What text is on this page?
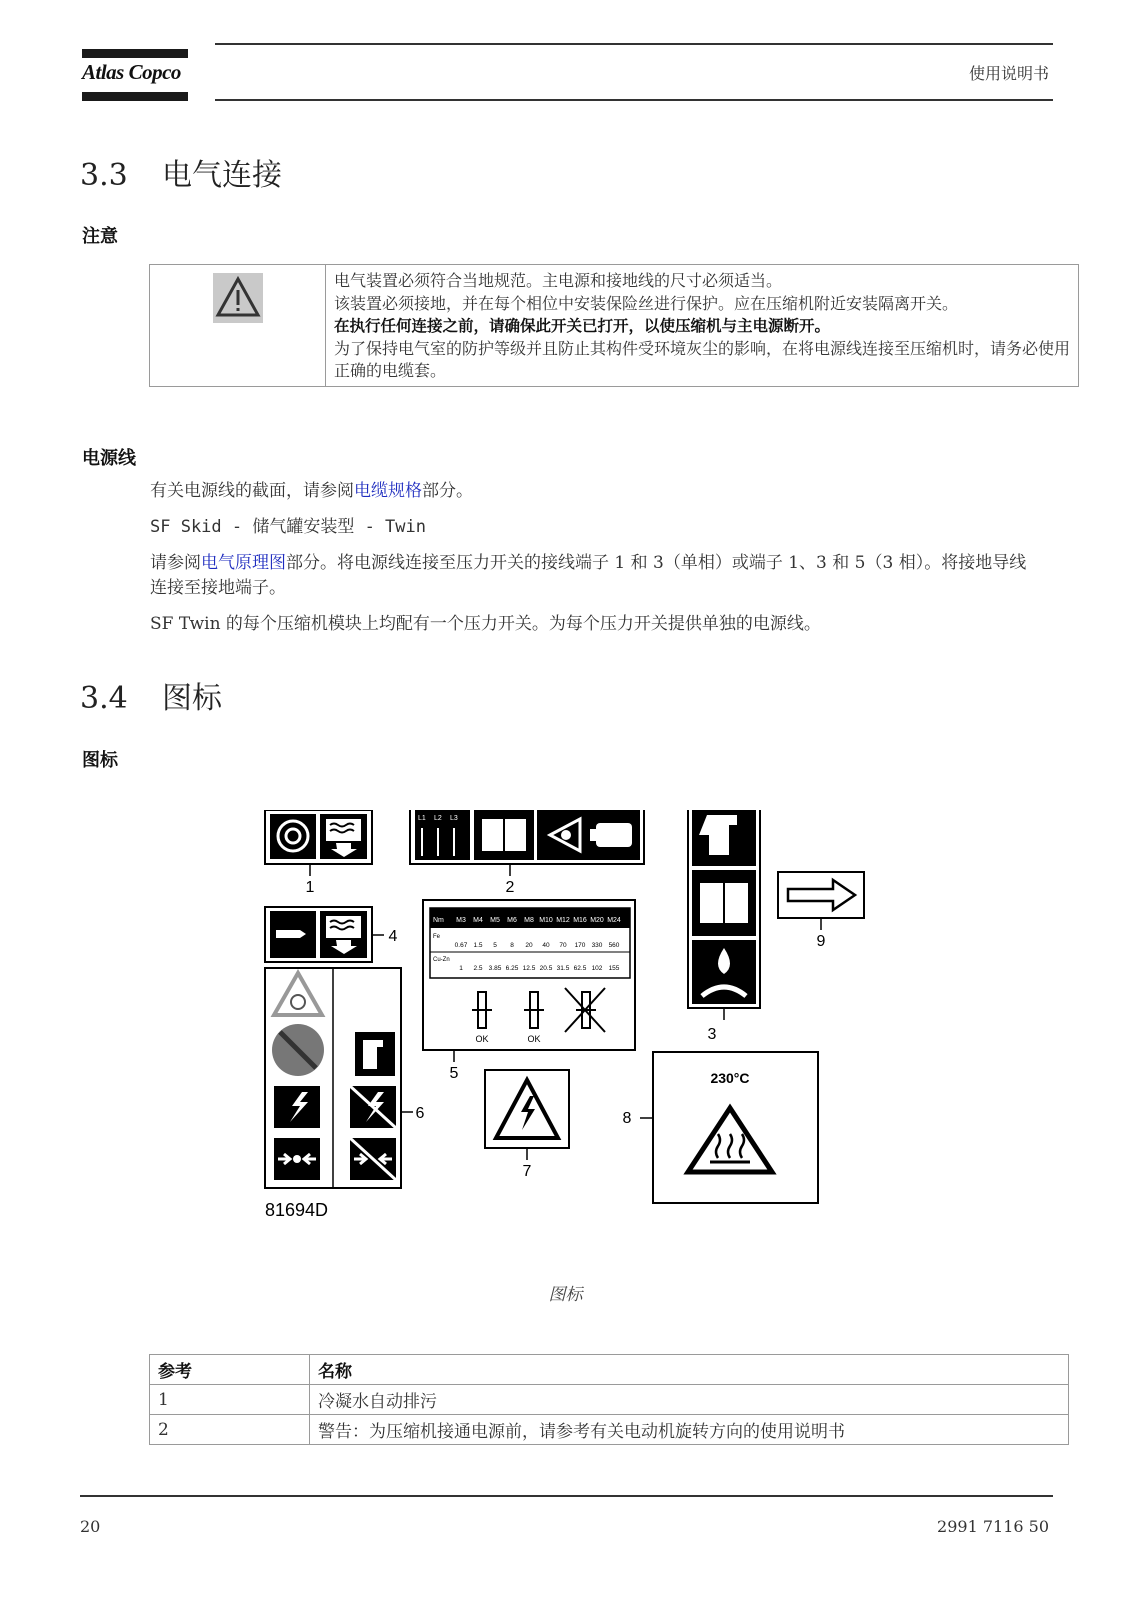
Atlas Copco	使用说明书
3.3 电气连接
注意
电气装置必须符合当地规范。主电源和接地线的尺寸必须适当。
该装置必须接地，并在每个相位中安装保险丝进行保护。应在压缩机附近安装隔离开关。
在执行任何连接之前，请确保此开关已打开，以使压缩机与主电源断开。
为了保持电气室的防护等级并且防止其构件受环境灰尘的影响，在将电源线连接至压缩机时，请务必使用正确的电缆套。
电源线
有关电源线的截面，请参阅电缆规格部分。
SF Skid - 储气罐安装型 - Twin
请参阅电气原理图部分。将电源线连接至压力开关的接线端子 1 和 3（单相）或端子 1、3 和 5（3 相）。将接地导线连接至接地端子。
SF Twin 的每个压缩机模块上均配有一个压力开关。为每个压力开关提供单独的电源线。
3.4 图标
图标
L1 L2 L3
Nm M3 M4 M5 M6 M8 M10 M12 M16 M20 M24
Fe
0.67 1.5 5 8 20 40 70 170 330 560
Cu-Zn
1 2.5 3.85 6.25 12.5 20.5 31.5 62.5 102 155
OK	OK
230°C
1	2
3
4
5
6
7
8
9
81694D
图标
参考	名称
1	冷凝水自动排污
2	警告：为压缩机接通电源前，请参考有关电动机旋转方向的使用说明书
20	2991 7116 50
